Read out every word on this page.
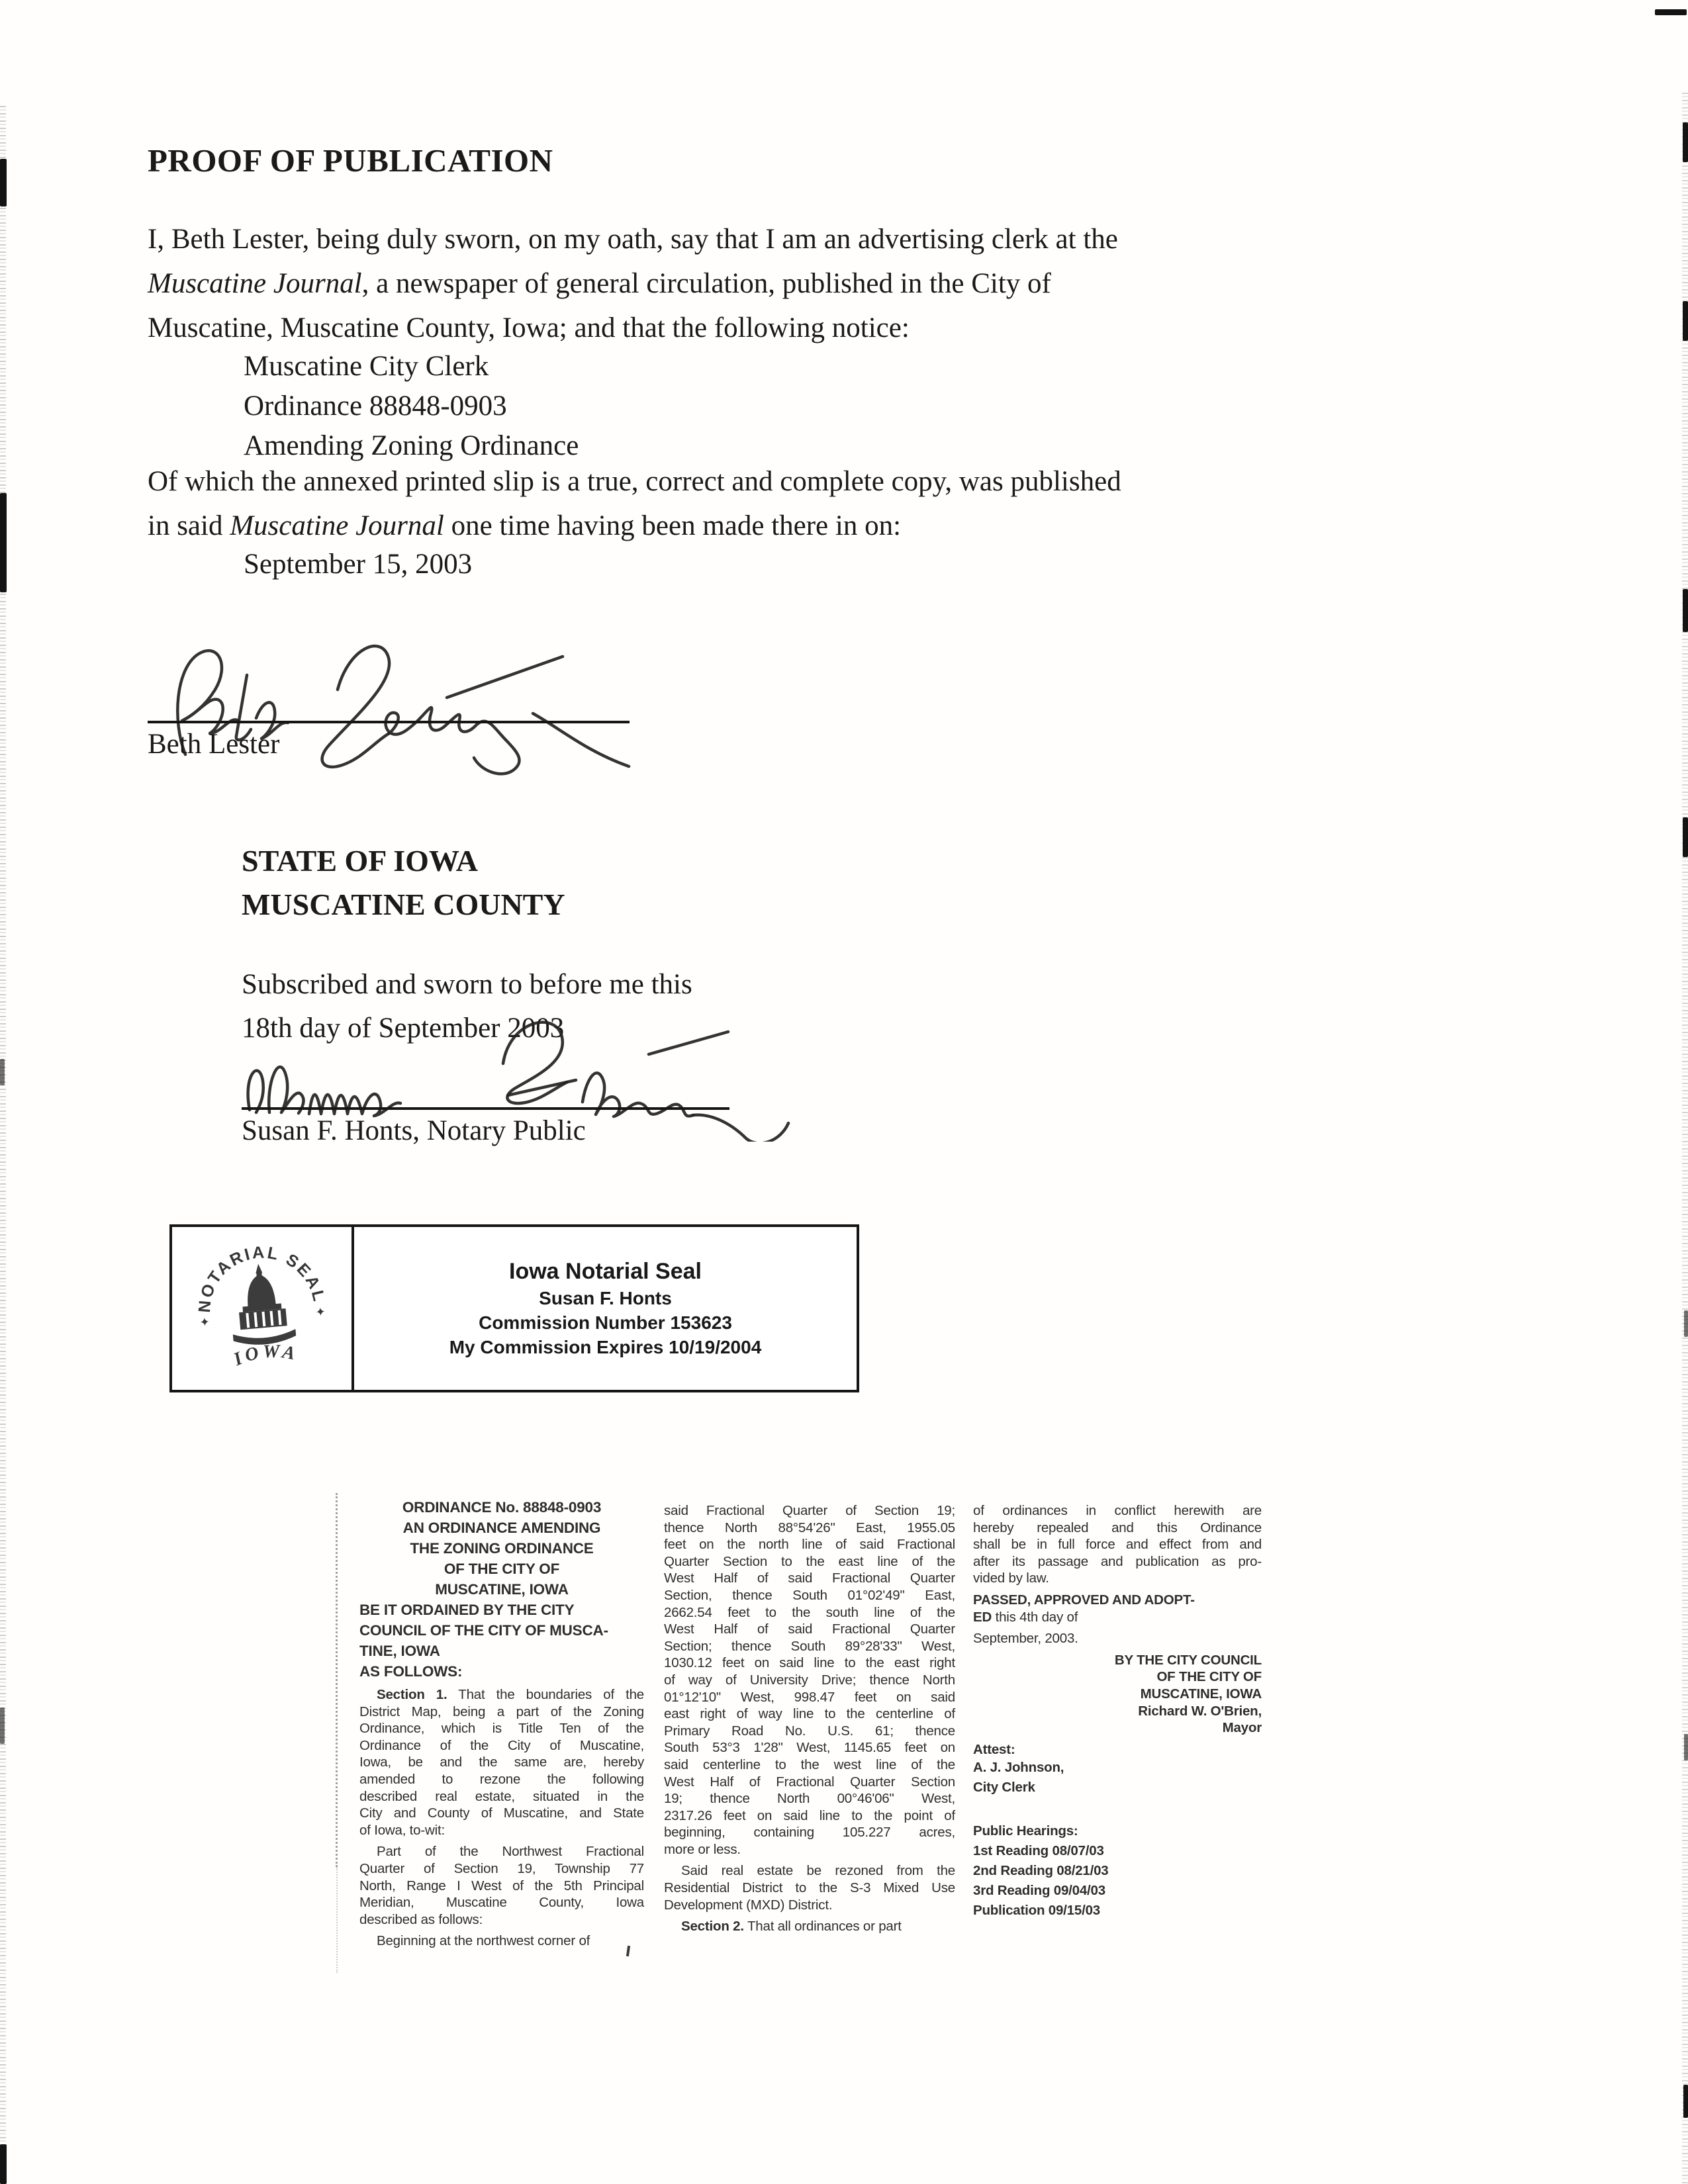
PROOF OF PUBLICATION
I, Beth Lester, being duly sworn, on my oath, say that I am an advertising clerk at the
Muscatine Journal, a newspaper of general circulation, published in the City of
Muscatine, Muscatine County, Iowa; and that the following notice:
Muscatine City Clerk
Ordinance 88848-0903
Amending Zoning Ordinance
Of which the annexed printed slip is a true, correct and complete copy, was published
in said Muscatine Journal one time having been made there in on:
September 15, 2003
Beth Lester
STATE OF IOWA
MUSCATINE COUNTY
Subscribed and sworn to before me this
18th day of September 2003
Susan F. Honts, Notary Public
NOTARIAL SEAL
✦
✦
IOWA
Iowa Notarial Seal
Susan F. Honts
Commission Number 153623
My Commission Expires 10/19/2004
ORDINANCE No. 88848-0903
AN ORDINANCE AMENDING
THE ZONING ORDINANCE
OF THE CITY OF
MUSCATINE, IOWA
BE IT ORDAINED BY THE CITY
COUNCIL OF THE CITY OF MUSCA-
TINE, IOWA
AS FOLLOWS:
Section 1. That the boundaries of the
District Map, being a part of the Zoning
Ordinance, which is Title Ten of the
Ordinance of the City of Muscatine,
Iowa, be and the same are, hereby
amended to rezone the following
described real estate, situated in the
City and County of Muscatine, and State
of Iowa, to-wit:
Part of the Northwest Fractional
Quarter of Section 19, Township 77
North, Range I West of the 5th Principal
Meridian, Muscatine County, Iowa
described as follows:
Beginning at the northwest corner of
said Fractional Quarter of Section 19;
thence North 88°54'26" East, 1955.05
feet on the north line of said Fractional
Quarter Section to the east line of the
West Half of said Fractional Quarter
Section, thence South 01°02'49" East,
2662.54 feet to the south line of the
West Half of said Fractional Quarter
Section; thence South 89°28'33" West,
1030.12 feet on said line to the east right
of way of University Drive; thence North
01°12'10" West, 998.47 feet on said
east right of way line to the centerline of
Primary Road No. U.S. 61; thence
South 53°3 1'28" West, 1145.65 feet on
said centerline to the west line of the
West Half of Fractional Quarter Section
19; thence North 00°46'06" West,
2317.26 feet on said line to the point of
beginning, containing 105.227 acres,
more or less.
Said real estate be rezoned from the
Residential District to the S-3 Mixed Use
Development (MXD) District.
Section 2. That all ordinances or part
of ordinances in conflict herewith are
hereby repealed and this Ordinance
shall be in full force and effect from and
after its passage and publication as pro-
vided by law.
PASSED, APPROVED AND ADOPT-
ED this 4th day of
September, 2003.
BY THE CITY COUNCIL
OF THE CITY OF
MUSCATINE, IOWA
Richard W. O'Brien,
Mayor
Attest:
A. J. Johnson,
City Clerk
Public Hearings:
1st Reading 08/07/03
2nd Reading 08/21/03
3rd Reading 09/04/03
Publication 09/15/03
